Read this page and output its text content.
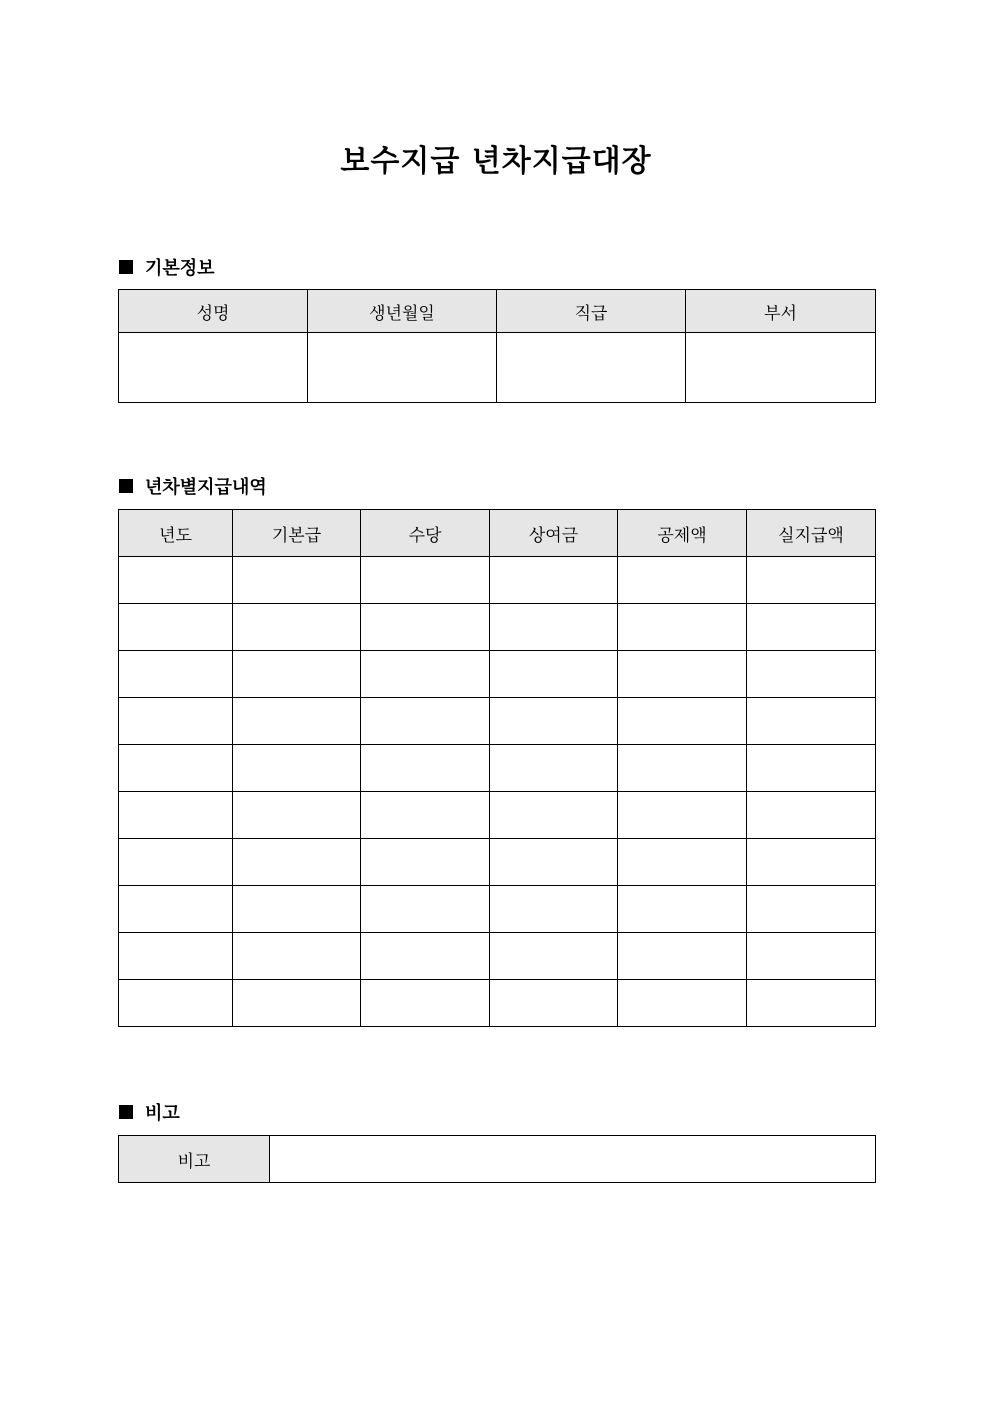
보수지급 년차지급대장
기본정보
성명	생년월일	직급	부서

년차별지급내역
년도	기본급	수당	상여금	공제액	실지급액

비고
비고	
